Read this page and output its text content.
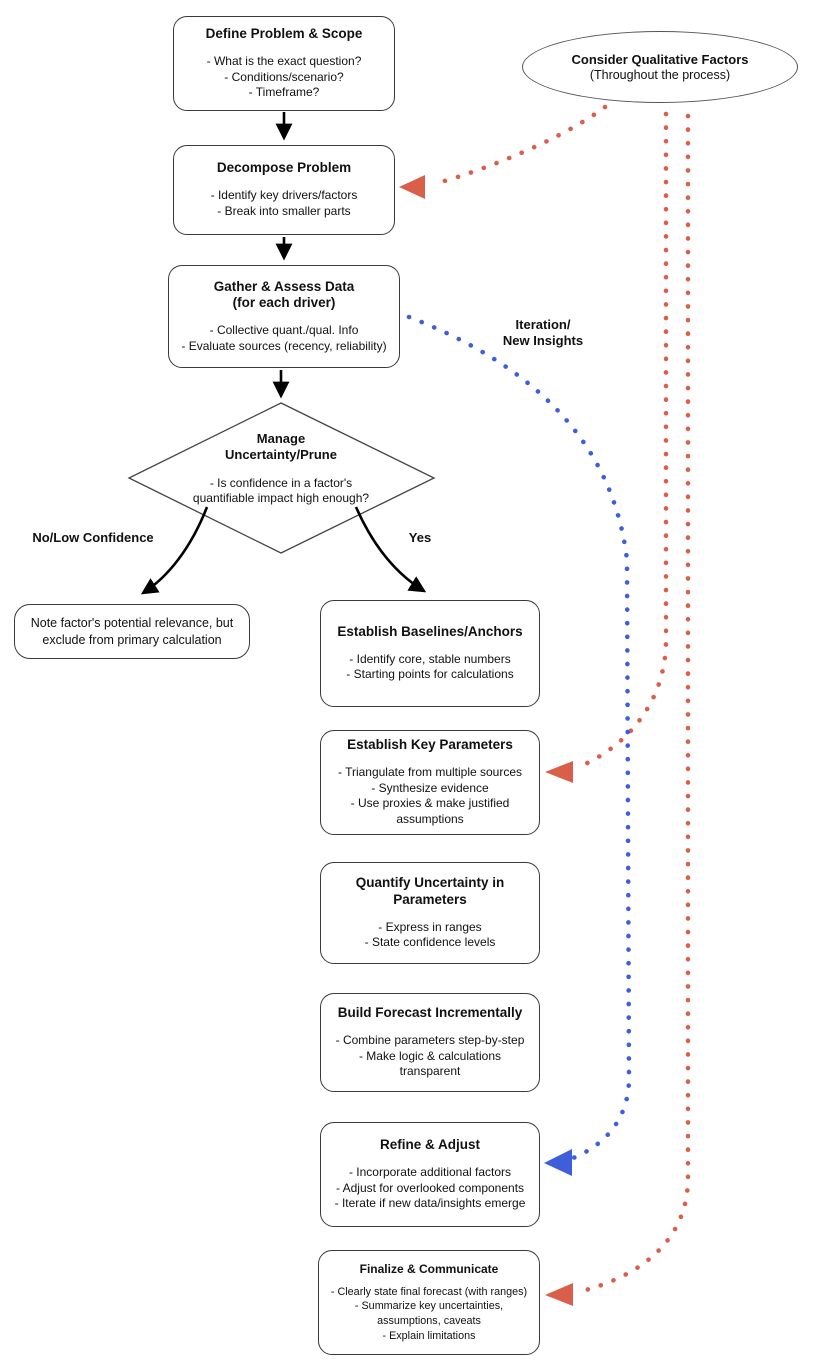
Define Problem & Scope
- What is the exact question?
- Conditions/scenario?
- Timeframe?
Decompose Problem
- Identify key drivers/factors
- Break into smaller parts
Gather & Assess Data
(for each driver)
- Collective quant./qual. Info
- Evaluate sources (recency, reliability)
Manage
Uncertainty/Prune
- Is confidence in a factor's quantifiable impact high enough?
No/Low Confidence	Yes
Iteration/
New Insights
Note factor's potential relevance, but exclude from primary calculation
Establish Baselines/Anchors
- Identify core, stable numbers
- Starting points for calculations
Establish Key Parameters
- Triangulate from multiple sources
- Synthesize evidence
- Use proxies & make justified assumptions
Quantify Uncertainty in Parameters
- Express in ranges
- State confidence levels
Build Forecast Incrementally
- Combine parameters step-by-step
- Make logic & calculations transparent
Refine & Adjust
- Incorporate additional factors
- Adjust for overlooked components
- Iterate if new data/insights emerge
Finalize & Communicate
- Clearly state final forecast (with ranges)
- Summarize key uncertainties, assumptions, caveats
- Explain limitations
Consider Qualitative Factors
(Throughout the process)
